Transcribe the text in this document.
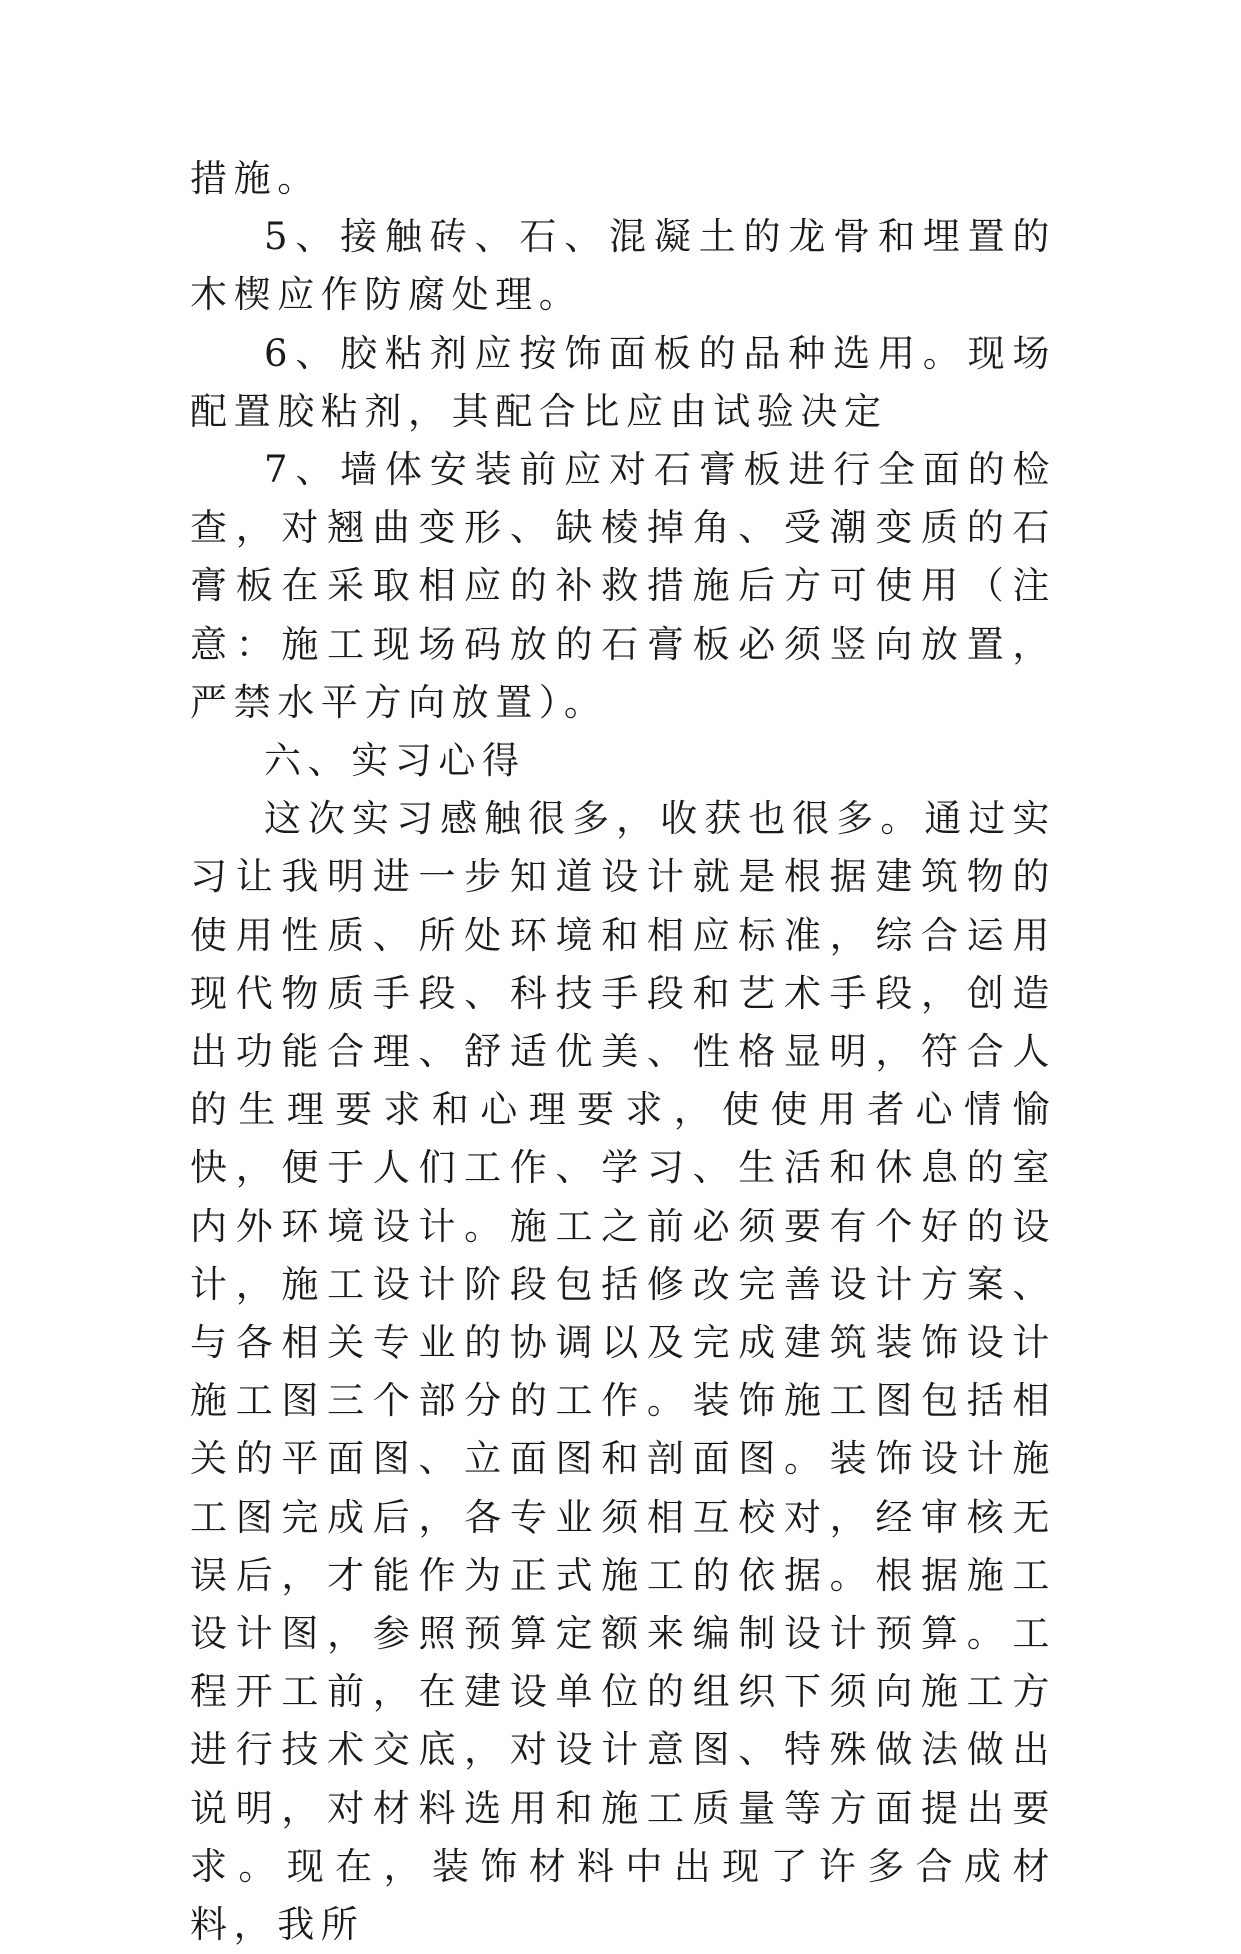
措施。

5、接触砖、石、混凝土的龙骨和埋置的木楔应作防腐处理。

6、胶粘剂应按饰面板的品种选用。现场配置胶粘剂，其配合比应由试验决定

7、墙体安装前应对石膏板进行全面的检查，对翘曲变形、缺棱掉角、受潮变质的石膏板在采取相应的补救措施后方可使用（注意：施工现场码放的石膏板必须竖向放置，严禁水平方向放置）。

六、实习心得

这次实习感触很多，收获也很多。通过实习让我明进一步知道设计就是根据建筑物的使用性质、所处环境和相应标准，综合运用现代物质手段、科技手段和艺术手段，创造出功能合理、舒适优美、性格显明，符合人的生理要求和心理要求，使使用者心情愉快，便于人们工作、学习、生活和休息的室内外环境设计。施工之前必须要有个好的设计，施工设计阶段包括修改完善设计方案、与各相关专业的协调以及完成建筑装饰设计施工图三个部分的工作。装饰施工图包括相关的平面图、立面图和剖面图。装饰设计施工图完成后，各专业须相互校对，经审核无误后，才能作为正式施工的依据。根据施工设计图，参照预算定额来编制设计预算。工程开工前，在建设单位的组织下须向施工方进行技术交底，对设计意图、特殊做法做出说明，对材料选用和施工质量等方面提出要求。现在，装饰材料中出现了许多合成材料，我所
